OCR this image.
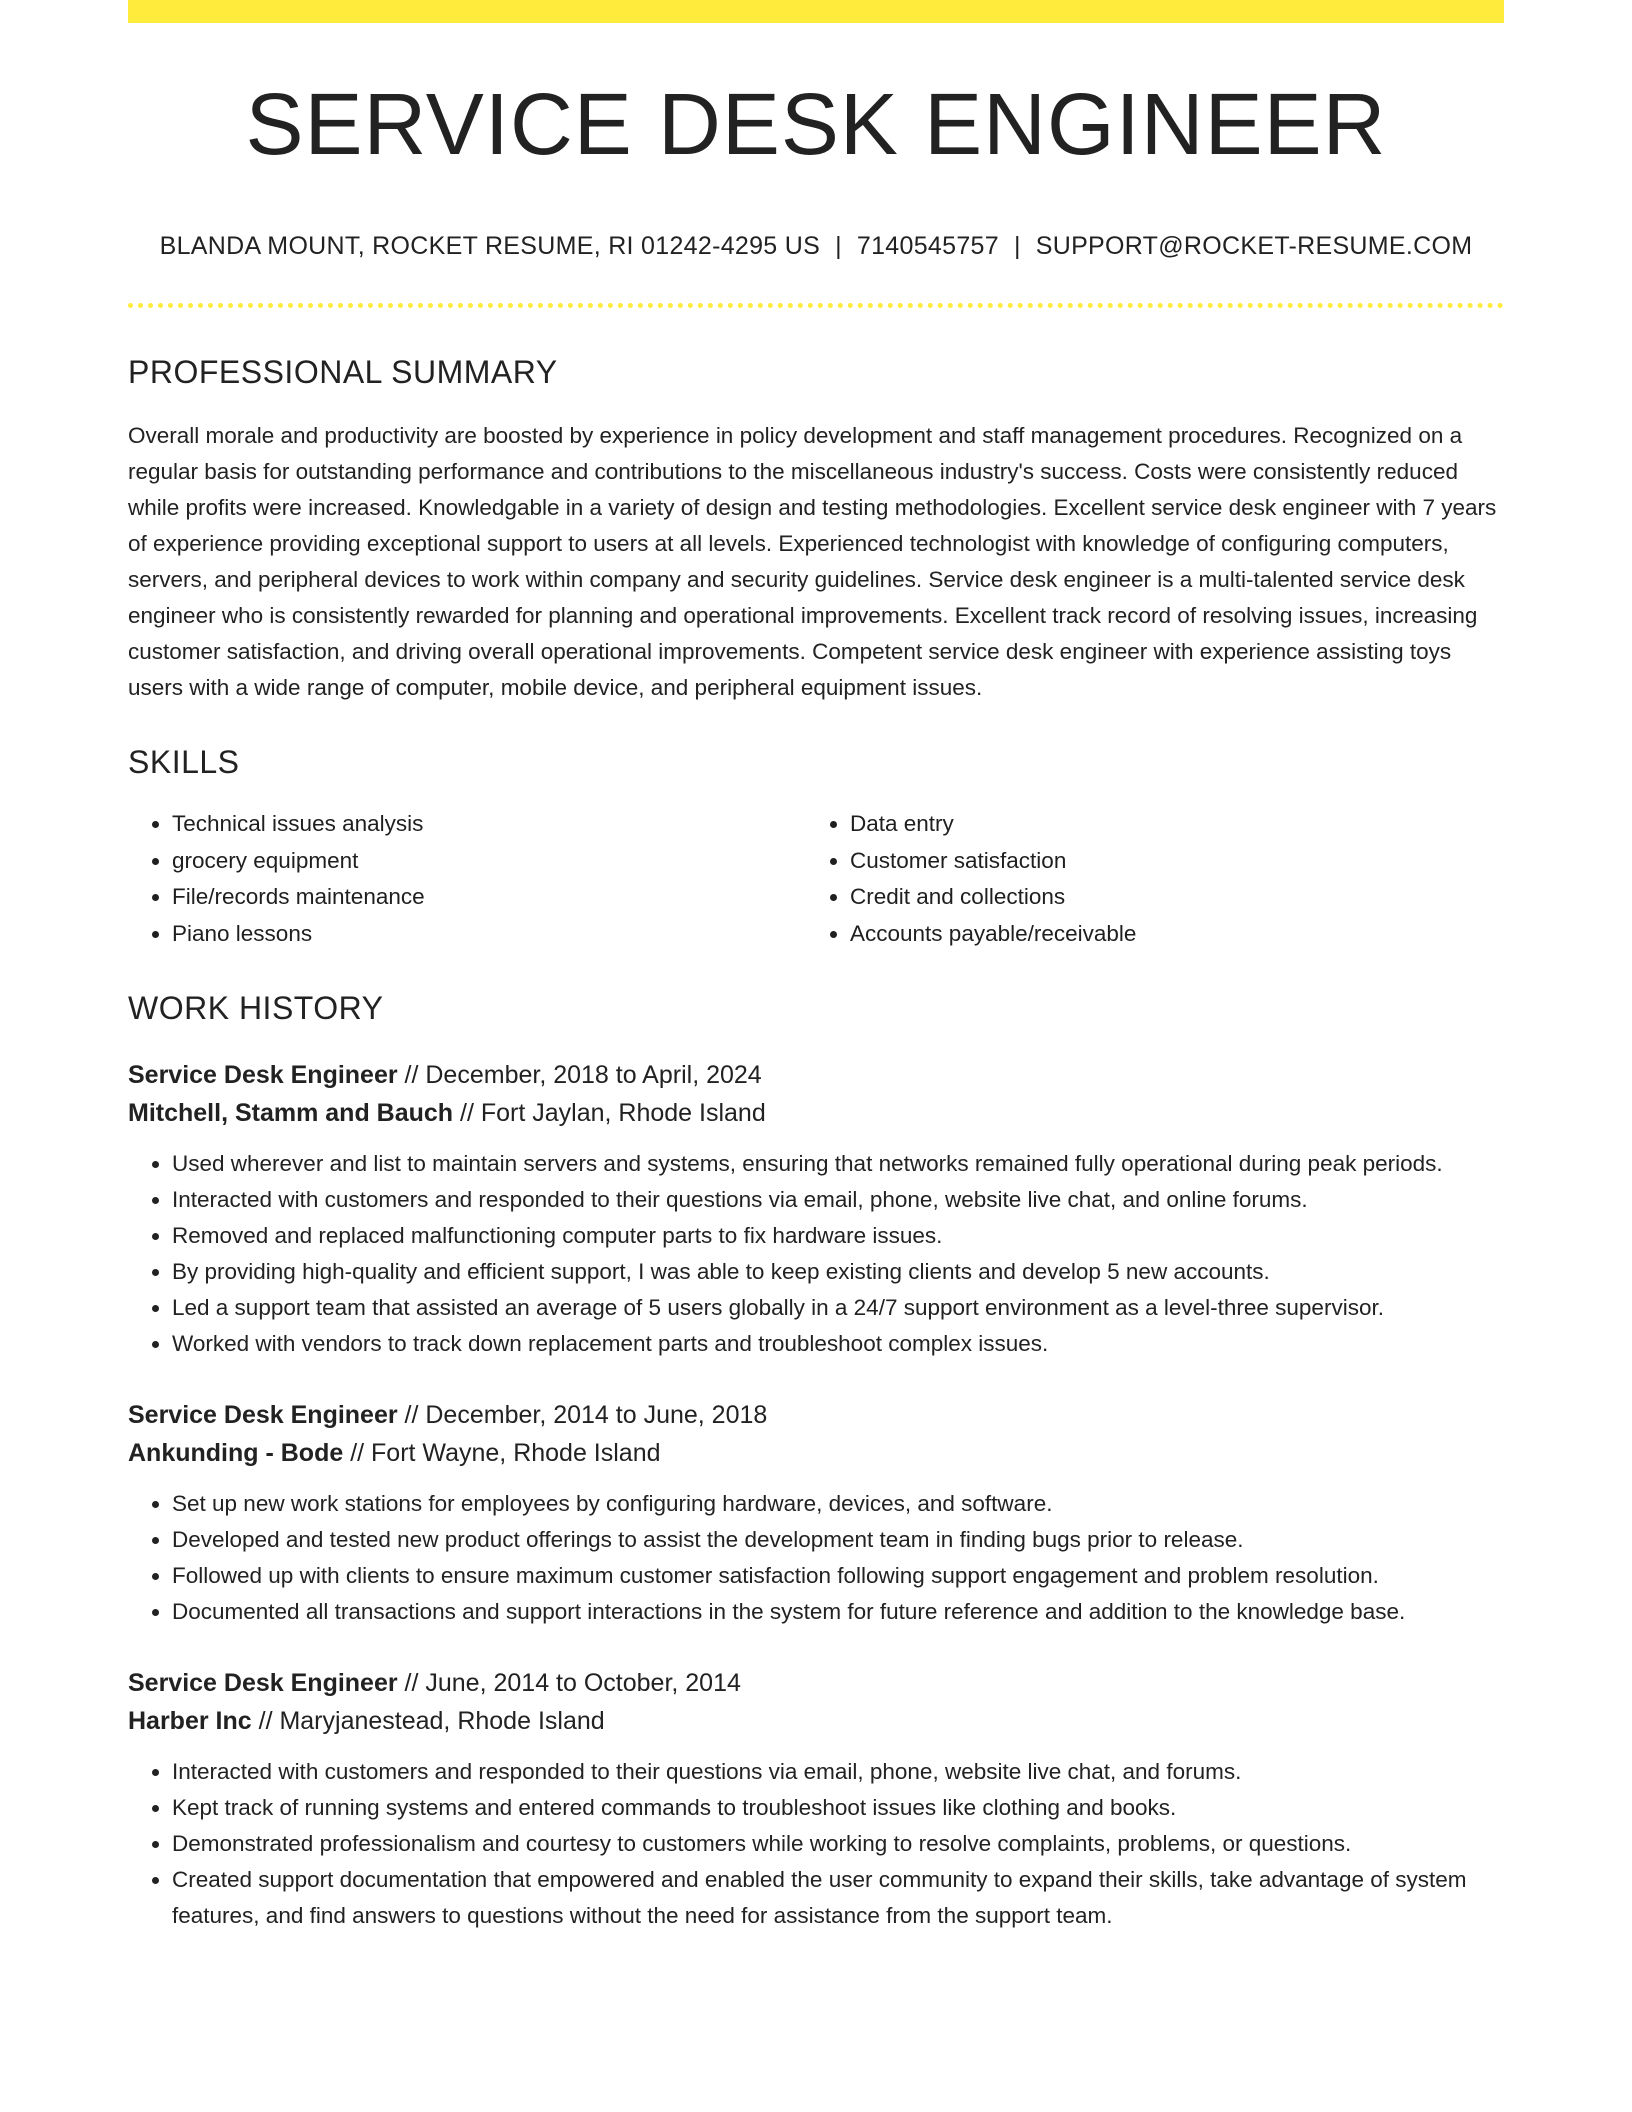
SERVICE DESK ENGINEER
BLANDA MOUNT, ROCKET RESUME, RI 01242-4295 US | 7140545757 | SUPPORT@ROCKET-RESUME.COM
PROFESSIONAL SUMMARY

Overall morale and productivity are boosted by experience in policy development and staff management procedures. Recognized on a regular basis for outstanding performance and contributions to the miscellaneous industry's success. Costs were consistently reduced while profits were increased. Knowledgable in a variety of design and testing methodologies. Excellent service desk engineer with 7 years of experience providing exceptional support to users at all levels. Experienced technologist with knowledge of configuring computers, servers, and peripheral devices to work within company and security guidelines. Service desk engineer is a multi-talented service desk engineer who is consistently rewarded for planning and operational improvements. Excellent track record of resolving issues, increasing customer satisfaction, and driving overall operational improvements. Competent service desk engineer with experience assisting toys users with a wide range of computer, mobile device, and peripheral equipment issues.

SKILLS
• Technical issues analysis
• grocery equipment
• File/records maintenance
• Piano lessons
• Data entry
• Customer satisfaction
• Credit and collections
• Accounts payable/receivable
WORK HISTORY
Service Desk Engineer // December, 2018 to April, 2024
Mitchell, Stamm and Bauch // Fort Jaylan, Rhode Island
• Used wherever and list to maintain servers and systems, ensuring that networks remained fully operational during peak periods.
• Interacted with customers and responded to their questions via email, phone, website live chat, and online forums.
• Removed and replaced malfunctioning computer parts to fix hardware issues.
• By providing high-quality and efficient support, I was able to keep existing clients and develop 5 new accounts.
• Led a support team that assisted an average of 5 users globally in a 24/7 support environment as a level-three supervisor.
• Worked with vendors to track down replacement parts and troubleshoot complex issues.
Service Desk Engineer // December, 2014 to June, 2018
Ankunding - Bode // Fort Wayne, Rhode Island
• Set up new work stations for employees by configuring hardware, devices, and software.
• Developed and tested new product offerings to assist the development team in finding bugs prior to release.
• Followed up with clients to ensure maximum customer satisfaction following support engagement and problem resolution.
• Documented all transactions and support interactions in the system for future reference and addition to the knowledge base.
Service Desk Engineer // June, 2014 to October, 2014
Harber Inc // Maryjanestead, Rhode Island
• Interacted with customers and responded to their questions via email, phone, website live chat, and forums.
• Kept track of running systems and entered commands to troubleshoot issues like clothing and books.
• Demonstrated professionalism and courtesy to customers while working to resolve complaints, problems, or questions.
• Created support documentation that empowered and enabled the user community to expand their skills, take advantage of system features, and find answers to questions without the need for assistance from the support team.
